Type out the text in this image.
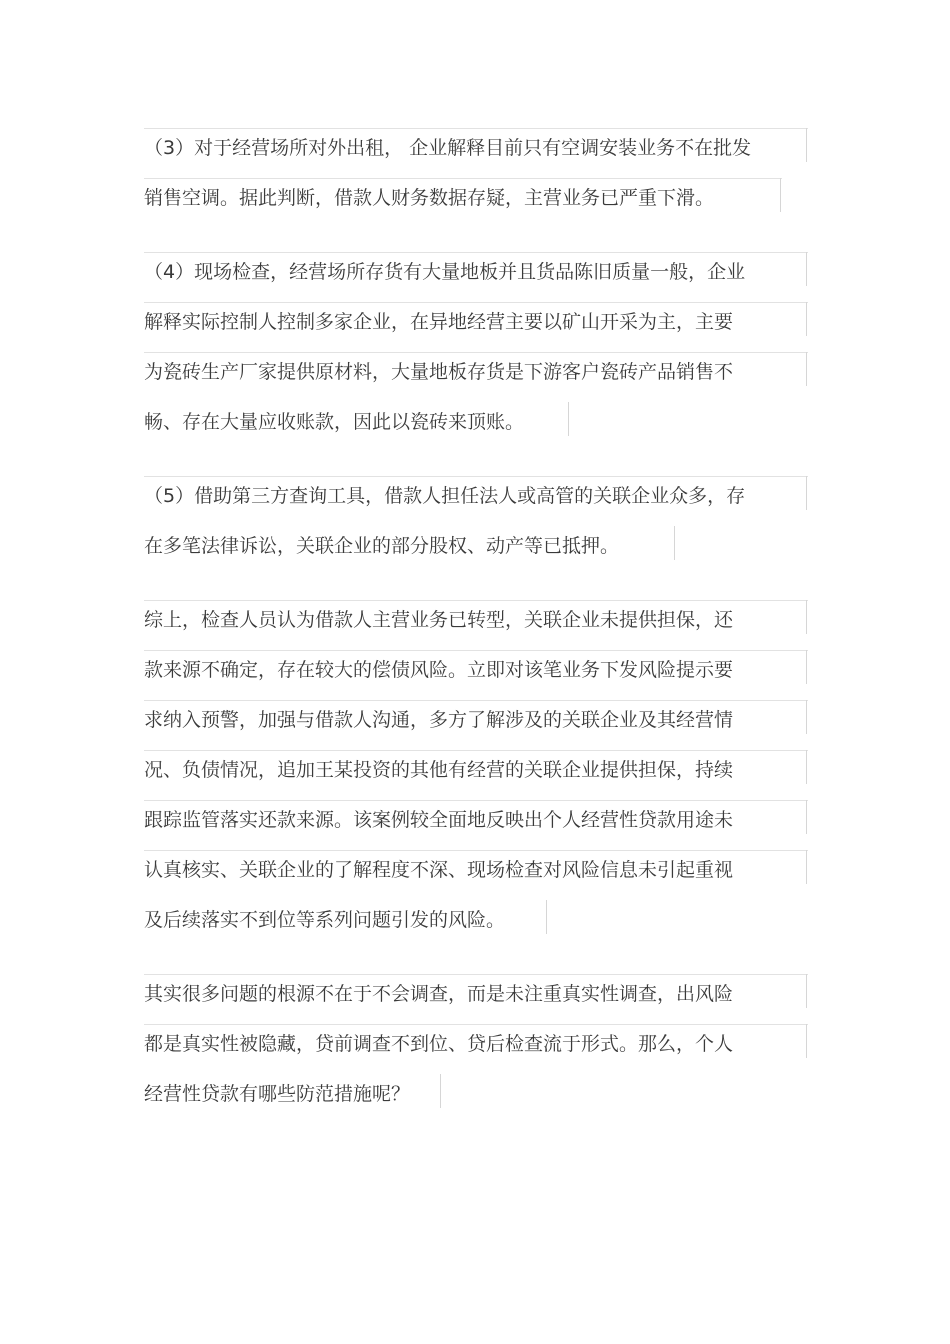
（3）对于经营场所对外出租， 企业解释目前只有空调安装业务不在批发
销售空调。据此判断，借款人财务数据存疑，主营业务已严重下滑。
（4）现场检查，经营场所存货有大量地板并且货品陈旧质量一般，企业
解释实际控制人控制多家企业，在异地经营主要以矿山开采为主，主要
为瓷砖生产厂家提供原材料，大量地板存货是下游客户瓷砖产品销售不
畅、存在大量应收账款，因此以瓷砖来顶账。
（5）借助第三方查询工具，借款人担任法人或高管的关联企业众多，存
在多笔法律诉讼，关联企业的部分股权、动产等已抵押。
综上，检查人员认为借款人主营业务已转型，关联企业未提供担保，还
款来源不确定，存在较大的偿债风险。立即对该笔业务下发风险提示要
求纳入预警，加强与借款人沟通，多方了解涉及的关联企业及其经营情
况、负债情况，追加王某投资的其他有经营的关联企业提供担保，持续
跟踪监管落实还款来源。该案例较全面地反映出个人经营性贷款用途未
认真核实、关联企业的了解程度不深、现场检查对风险信息未引起重视
及后续落实不到位等系列问题引发的风险。
其实很多问题的根源不在于不会调查，而是未注重真实性调查，出风险
都是真实性被隐藏，贷前调查不到位、贷后检查流于形式。那么，个人
经营性贷款有哪些防范措施呢？
